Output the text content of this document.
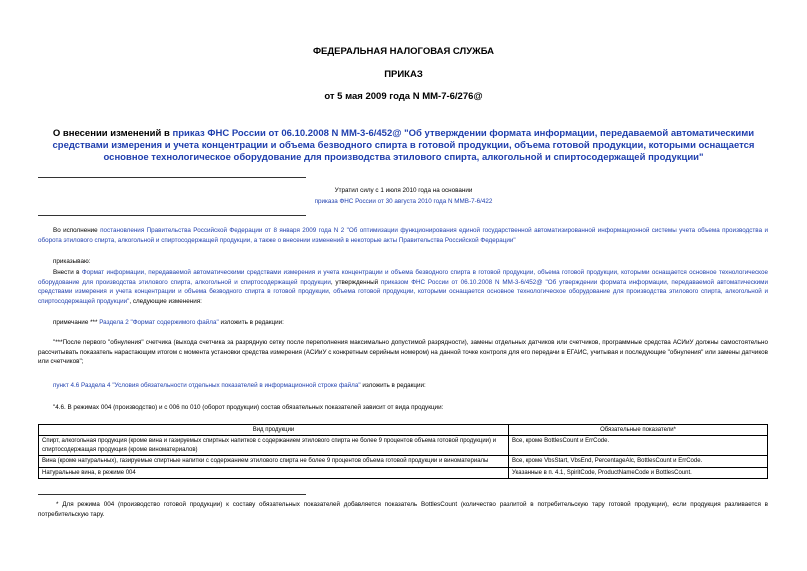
ФЕДЕРАЛЬНАЯ НАЛОГОВАЯ СЛУЖБА
ПРИКАЗ
от 5 мая 2009 года N ММ-7-6/276@
О внесении изменений в приказ ФНС России от 06.10.2008 N ММ-3-6/452@ "Об утверждении формата информации, передаваемой автоматическими средствами измерения и учета концентрации и объема безводного спирта в готовой продукции, объема готовой продукции, которыми оснащается основное технологическое оборудование для производства этилового спирта, алкогольной и спиртосодержащей продукции"
Утратил силу с 1 июля 2010 года на основании
приказа ФНС России от 30 августа 2010 года N ММВ-7-6/422
Во исполнение постановления Правительства Российской Федерации от 8 января 2009 года N 2 "Об оптимизации функционирования единой государственной автоматизированной информационной системы учета объема производства и оборота этилового спирта, алкогольной и спиртосодержащей продукции, а также о внесении изменений в некоторые акты Правительства Российской Федерации"
приказываю:
Внести в Формат информации, передаваемой автоматическими средствами измерения и учета концентрации и объема безводного спирта в готовой продукции, объема готовой продукции, которыми оснащается основное технологическое оборудование для производства этилового спирта, алкогольной и спиртосодержащей продукции, утвержденный приказом ФНС России от 06.10.2008 N ММ-3-6/452@ "Об утверждении формата информации, передаваемой автоматическими средствами измерения и учета концентрации и объема безводного спирта в готовой продукции, объема готовой продукции, которыми оснащается основное технологическое оборудование для производства этилового спирта, алкогольной и спиртосодержащей продукции", следующие изменения:
примечание *** Раздела 2 "Формат содержимого файла" изложить в редакции:
"***После первого "обнуления" счетчика (выхода счетчика за разрядную сетку после переполнения максимально допустимой разрядности), замены отдельных датчиков или счетчиков, программные средства АСИиУ должны самостоятельно рассчитывать показатель нарастающим итогом с момента установки средства измерения (АСИиУ с конкретным серийным номером) на данной точке контроля для его передачи в ЕГАИС, учитывая и последующие "обнуления" или замены датчиков или счетчиков";
пункт 4.6 Раздела 4 "Условия обязательности отдельных показателей в информационной строке файла" изложить в редакции:
"4.6. В режимах 004 (производство) и с 006 по 010 (оборот продукции) состав обязательных показателей зависит от вида продукции:
Вид продукции	Обязательные показатели*
Спирт, алкогольная продукция (кроме вина и газируемых спиртных напитков с содержанием этилового спирта не более 9 процентов объема готовой продукции) и спиртосодержащая продукция (кроме виноматериалов)	Все, кроме BottlesCount и ErrCode.
Вина (кроме натуральных), газируемые спиртные напитки с содержанием этилового спирта не более 9 процентов объема готовой продукции и виноматериалы	Все, кроме VbsStart, VbsEnd, PercentageAlc, BottlesCount и ErrCode.
Натуральные вина, в режиме 004	Указанные в п. 4.1, SpiritCode, ProductNameCode и BottlesCount.
* Для режима 004 (производство готовой продукции) к составу обязательных показателей добавляется показатель BottlesCount (количество разлитой в потребительскую тару готовой продукции), если продукция разливается в потребительскую тару.
